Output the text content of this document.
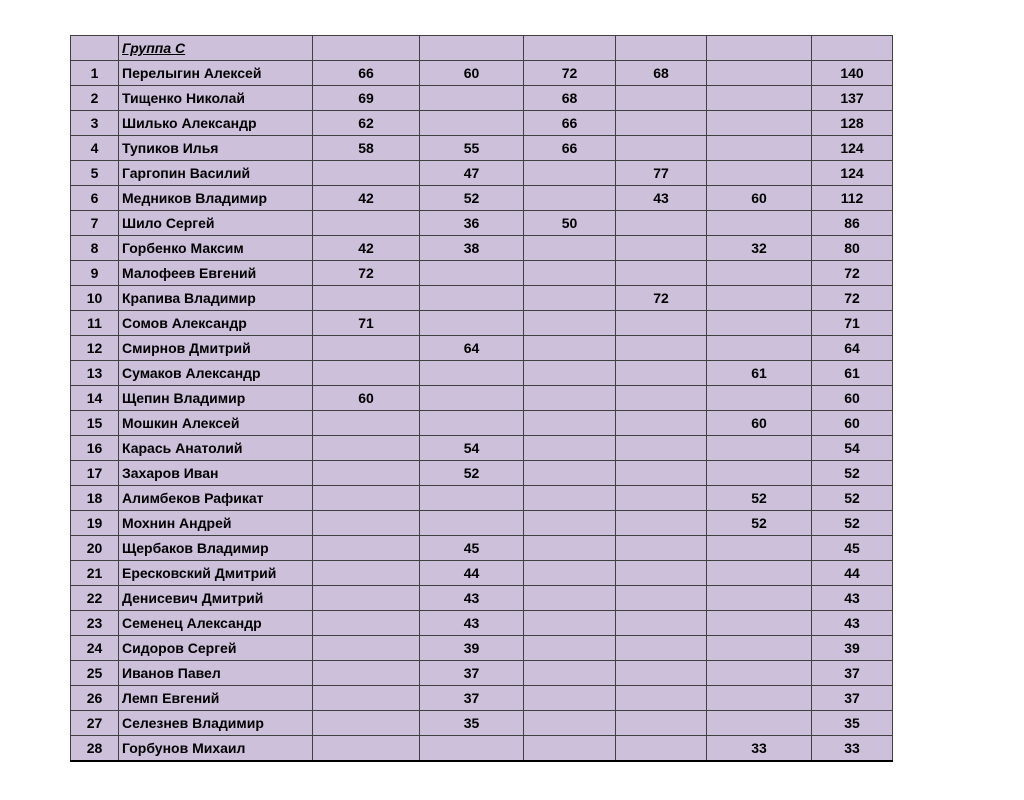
	Группа С						
1	Перелыгин Алексей	66	60	72	68		140
2	Тищенко Николай	69		68			137
3	Шилько Александр	62		66			128
4	Тупиков Илья	58	55	66			124
5	Гаргопин Василий		47		77		124
6	Медников Владимир	42	52		43	60	112
7	Шило Сергей		36	50			86
8	Горбенко Максим	42	38			32	80
9	Малофеев Евгений	72					72
10	Крапива Владимир				72		72
11	Сомов Александр	71					71
12	Смирнов Дмитрий		64				64
13	Сумаков Александр					61	61
14	Щепин Владимир	60					60
15	Мошкин Алексей					60	60
16	Карась Анатолий		54				54
17	Захаров Иван		52				52
18	Алимбеков Рафикат					52	52
19	Мохнин Андрей					52	52
20	Щербаков Владимир		45				45
21	Ересковский Дмитрий		44				44
22	Денисевич Дмитрий		43				43
23	Семенец Александр		43				43
24	Сидоров Сергей		39				39
25	Иванов Павел		37				37
26	Лемп Евгений		37				37
27	Селезнев Владимир		35				35
28	Горбунов Михаил					33	33
